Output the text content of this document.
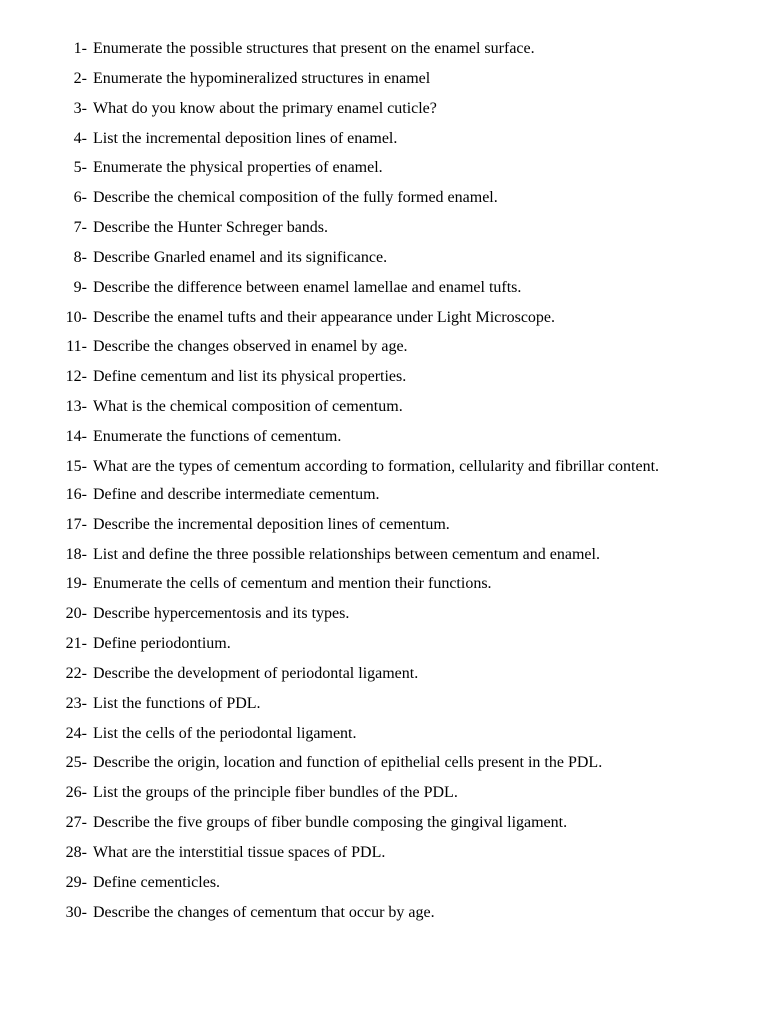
1- Enumerate the possible structures that present on the enamel surface.
2- Enumerate the hypomineralized structures in enamel
3- What do you know about the primary enamel cuticle?
4- List the incremental deposition lines of enamel.
5- Enumerate the physical properties of enamel.
6- Describe the chemical composition of the fully formed enamel.
7- Describe the Hunter Schreger bands.
8- Describe Gnarled enamel and its significance.
9- Describe the difference between enamel lamellae and enamel tufts.
10- Describe the enamel tufts and their appearance under Light Microscope.
11- Describe the changes observed in enamel by age.
12- Define cementum and list its physical properties.
13- What is the chemical composition of cementum.
14- Enumerate the functions of cementum.
15- What are the types of cementum according to formation, cellularity and fibrillar content.
16- Define and describe intermediate cementum.
17- Describe the incremental deposition lines of cementum.
18- List and define the three possible relationships between cementum and enamel.
19- Enumerate the cells of cementum and mention their functions.
20- Describe hypercementosis and its types.
21- Define periodontium.
22- Describe the development of periodontal ligament.
23- List the functions of PDL.
24- List the cells of the periodontal ligament.
25- Describe the origin, location and function of epithelial cells present in the PDL.
26- List the groups of the principle fiber bundles of the PDL.
27- Describe the five groups of fiber bundle composing the gingival ligament.
28- What are the interstitial tissue spaces of PDL.
29- Define cementicles.
30- Describe the changes of cementum that occur by age.
